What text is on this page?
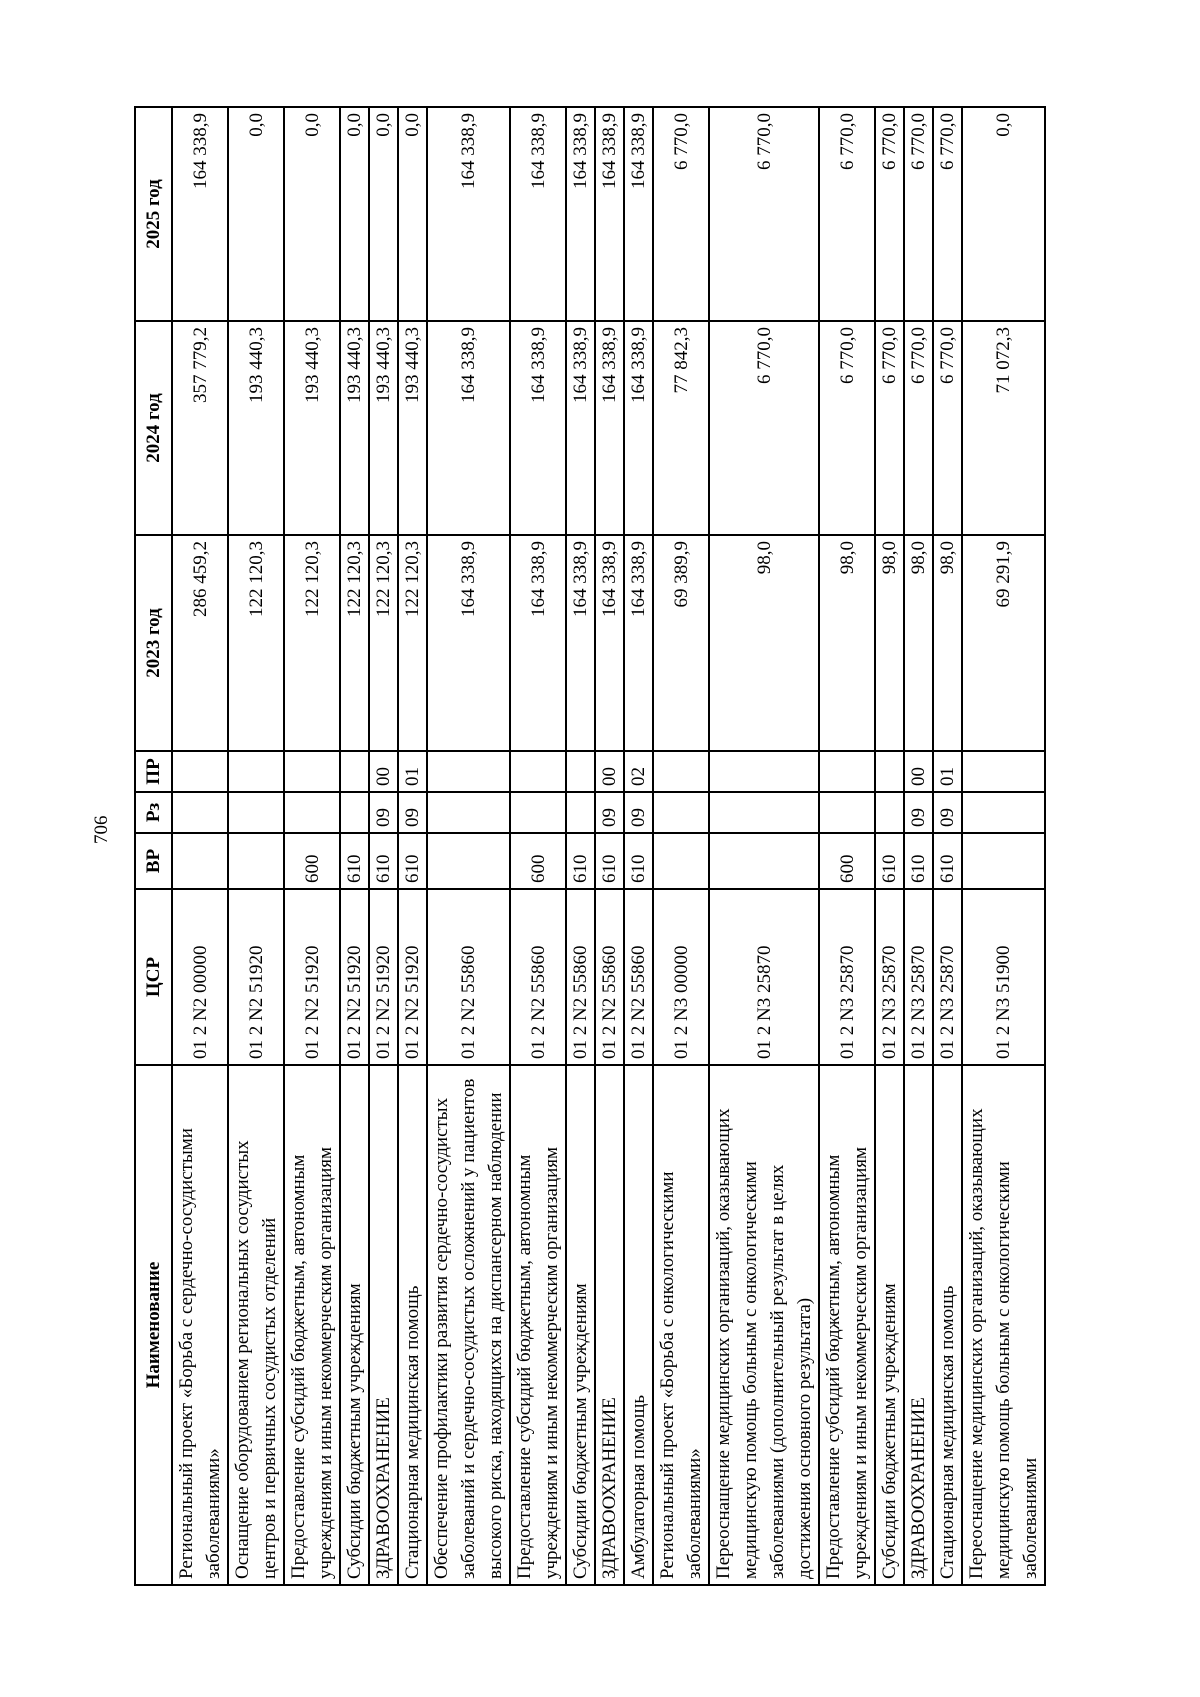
706
Наименование	ЦСР	ВР	Рз	ПР	2023 год	2024 год	2025 год
Региональный проект «Борьба с сердечно-сосудистыми заболеваниями»	01 2 N2 00000				286 459,2	357 779,2	164 338,9
Оснащение оборудованием региональных сосудистых центров и первичных сосудистых отделений	01 2 N2 51920				122 120,3	193 440,3	0,0
Предоставление субсидий бюджетным, автономным учреждениям и иным некоммерческим организациям	01 2 N2 51920	600			122 120,3	193 440,3	0,0
Субсидии бюджетным учреждениям	01 2 N2 51920	610			122 120,3	193 440,3	0,0
ЗДРАВООХРАНЕНИЕ	01 2 N2 51920	610	09	00	122 120,3	193 440,3	0,0
Стационарная медицинская помощь	01 2 N2 51920	610	09	01	122 120,3	193 440,3	0,0
Обеспечение профилактики развития сердечно-сосудистых заболеваний и сердечно-сосудистых осложнений у пациентов высокого риска, находящихся на диспансерном наблюдении	01 2 N2 55860				164 338,9	164 338,9	164 338,9
Предоставление субсидий бюджетным, автономным учреждениям и иным некоммерческим организациям	01 2 N2 55860	600			164 338,9	164 338,9	164 338,9
Субсидии бюджетным учреждениям	01 2 N2 55860	610			164 338,9	164 338,9	164 338,9
ЗДРАВООХРАНЕНИЕ	01 2 N2 55860	610	09	00	164 338,9	164 338,9	164 338,9
Амбулаторная помощь	01 2 N2 55860	610	09	02	164 338,9	164 338,9	164 338,9
Региональный проект «Борьба с онкологическими заболеваниями»	01 2 N3 00000				69 389,9	77 842,3	6 770,0
Переоснащение медицинских организаций, оказывающих медицинскую помощь больным с онкологическими заболеваниями (дополнительный результат в целях достижения основного результата)	01 2 N3 25870				98,0	6 770,0	6 770,0
Предоставление субсидий бюджетным, автономным учреждениям и иным некоммерческим организациям	01 2 N3 25870	600			98,0	6 770,0	6 770,0
Субсидии бюджетным учреждениям	01 2 N3 25870	610			98,0	6 770,0	6 770,0
ЗДРАВООХРАНЕНИЕ	01 2 N3 25870	610	09	00	98,0	6 770,0	6 770,0
Стационарная медицинская помощь	01 2 N3 25870	610	09	01	98,0	6 770,0	6 770,0
Переоснащение медицинских организаций, оказывающих медицинскую помощь больным с онкологическими заболеваниями	01 2 N3 51900				69 291,9	71 072,3	0,0
